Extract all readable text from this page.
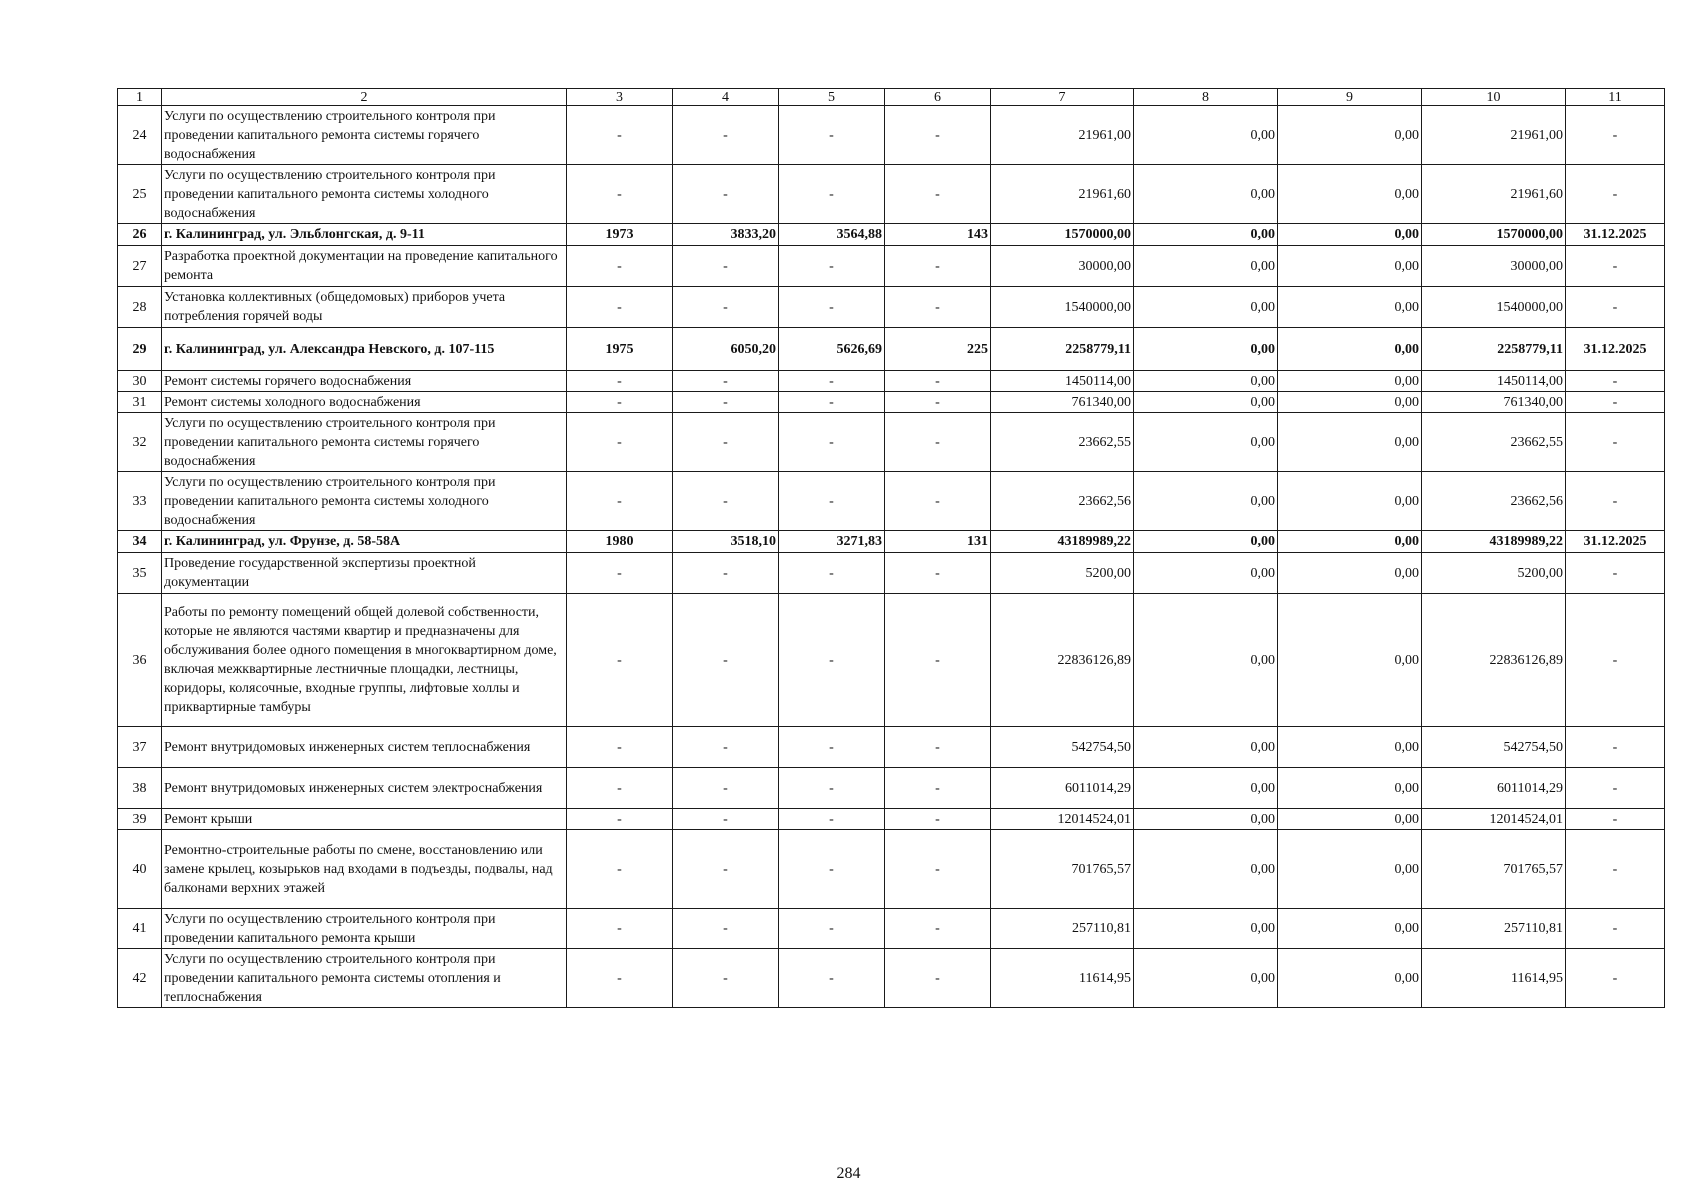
1	2	3	4	5	6	7	8	9	10	11
24	Услуги по осуществлению строительного контроля при проведении капитального ремонта системы горячего водоснабжения	-	-	-	-	21961,00	0,00	0,00	21961,00	-
25	Услуги по осуществлению строительного контроля при проведении капитального ремонта системы холодного водоснабжения	-	-	-	-	21961,60	0,00	0,00	21961,60	-
26	г. Калининград, ул. Эльблонгская, д. 9-11	1973	3833,20	3564,88	143	1570000,00	0,00	0,00	1570000,00	31.12.2025
27	Разработка проектной документации на проведение капитального ремонта	-	-	-	-	30000,00	0,00	0,00	30000,00	-
28	Установка коллективных (общедомовых) приборов учета потребления горячей воды	-	-	-	-	1540000,00	0,00	0,00	1540000,00	-
29	г. Калининград, ул. Александра Невского, д. 107-115	1975	6050,20	5626,69	225	2258779,11	0,00	0,00	2258779,11	31.12.2025
30	Ремонт системы горячего водоснабжения	-	-	-	-	1450114,00	0,00	0,00	1450114,00	-
31	Ремонт системы холодного водоснабжения	-	-	-	-	761340,00	0,00	0,00	761340,00	-
32	Услуги по осуществлению строительного контроля при проведении капитального ремонта системы горячего водоснабжения	-	-	-	-	23662,55	0,00	0,00	23662,55	-
33	Услуги по осуществлению строительного контроля при проведении капитального ремонта системы холодного водоснабжения	-	-	-	-	23662,56	0,00	0,00	23662,56	-
34	г. Калининград, ул. Фрунзе, д. 58-58А	1980	3518,10	3271,83	131	43189989,22	0,00	0,00	43189989,22	31.12.2025
35	Проведение государственной экспертизы проектной документации	-	-	-	-	5200,00	0,00	0,00	5200,00	-
36	Работы по ремонту помещений общей долевой собственности, которые не являются частями квартир и предназначены для обслуживания более одного помещения в многоквартирном доме, включая межквартирные лестничные площадки, лестницы, коридоры, колясочные, входные группы, лифтовые холлы и приквартирные тамбуры	-	-	-	-	22836126,89	0,00	0,00	22836126,89	-
37	Ремонт внутридомовых инженерных систем теплоснабжения	-	-	-	-	542754,50	0,00	0,00	542754,50	-
38	Ремонт внутридомовых инженерных систем электроснабжения	-	-	-	-	6011014,29	0,00	0,00	6011014,29	-
39	Ремонт крыши	-	-	-	-	12014524,01	0,00	0,00	12014524,01	-
40	Ремонтно-строительные работы по смене, восстановлению или замене крылец, козырьков над входами в подъезды, подвалы, над балконами верхних этажей	-	-	-	-	701765,57	0,00	0,00	701765,57	-
41	Услуги по осуществлению строительного контроля при проведении капитального ремонта крыши	-	-	-	-	257110,81	0,00	0,00	257110,81	-
42	Услуги по осуществлению строительного контроля при проведении капитального ремонта системы отопления и теплоснабжения	-	-	-	-	11614,95	0,00	0,00	11614,95	-
284
